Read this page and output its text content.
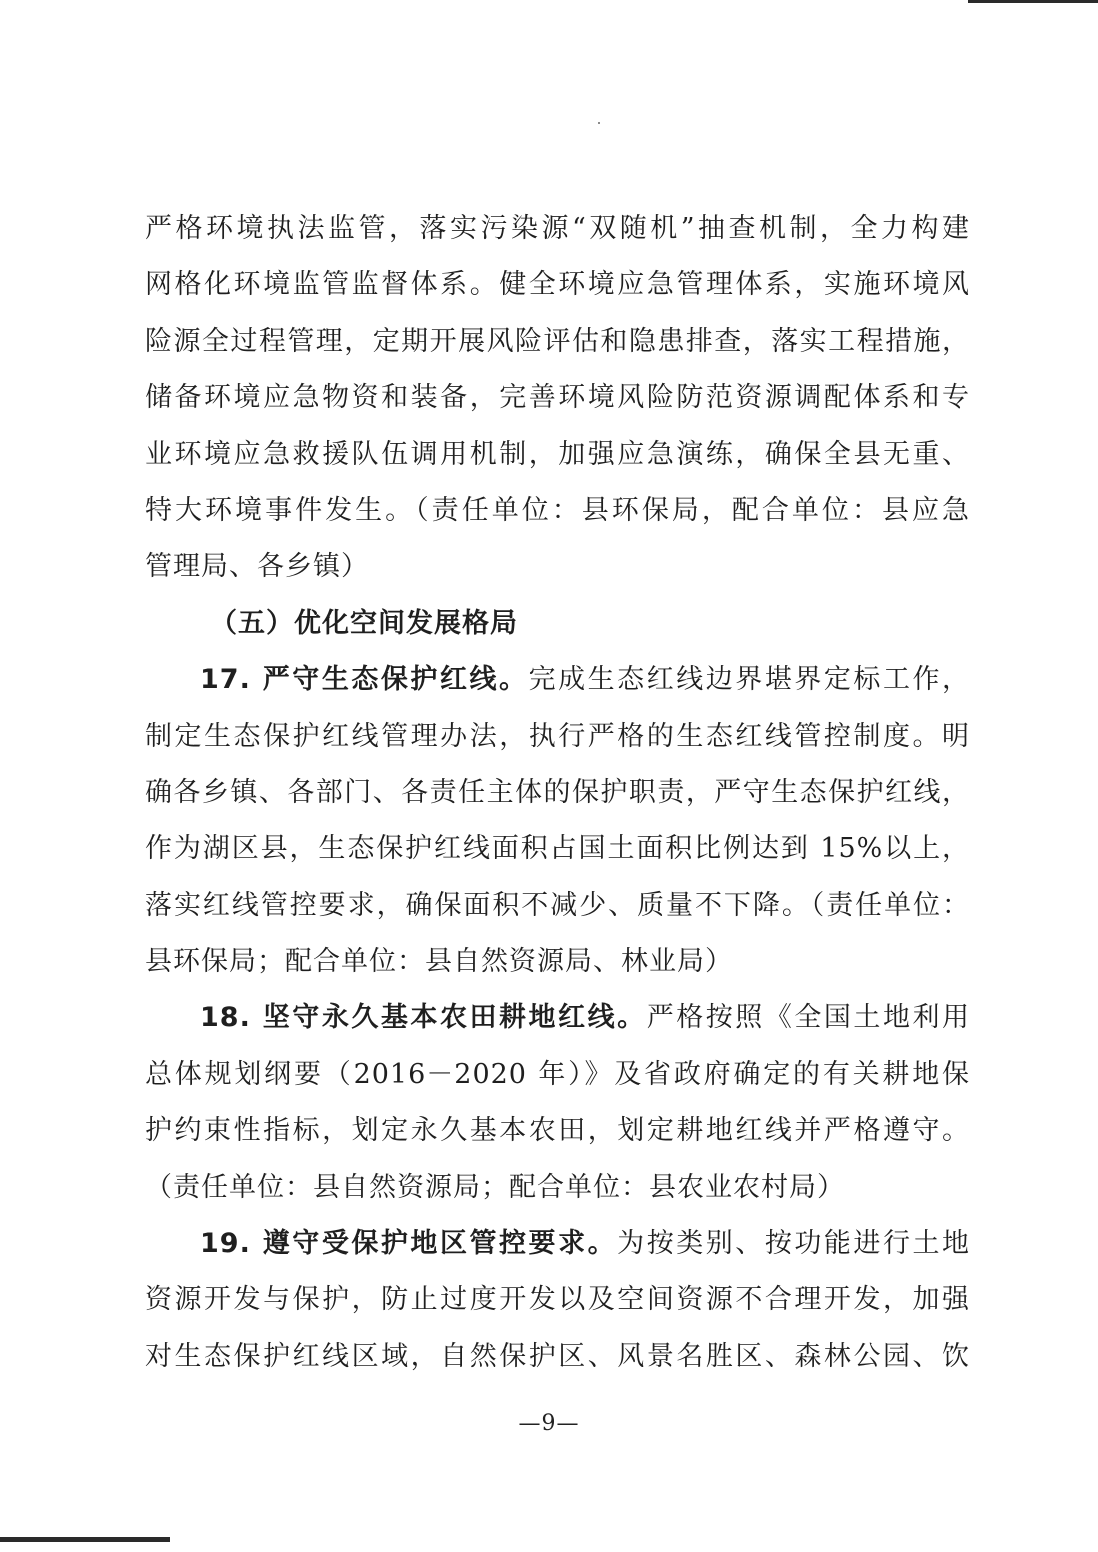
严格环境执法监管，落实污染源“双随机”抽查机制，全力构建

网格化环境监管监督体系。健全环境应急管理体系，实施环境风

险源全过程管理，定期开展风险评估和隐患排查，落实工程措施，

储备环境应急物资和装备，完善环境风险防范资源调配体系和专

业环境应急救援队伍调用机制，加强应急演练，确保全县无重、

特大环境事件发生。（责任单位：县环保局，配合单位：县应急

管理局、各乡镇）

（五）优化空间发展格局

17. 严守生态保护红线。完成生态红线边界堪界定标工作，

制定生态保护红线管理办法，执行严格的生态红线管控制度。明

确各乡镇、各部门、各责任主体的保护职责，严守生态保护红线，

作为湖区县，生态保护红线面积占国土面积比例达到 15%以上，

落实红线管控要求，确保面积不减少、质量不下降。（责任单位：

县环保局；配合单位：县自然资源局、林业局）

18. 坚守永久基本农田耕地红线。严格按照《全国土地利用

总体规划纲要（2016－2020 年）》及省政府确定的有关耕地保

护约束性指标，划定永久基本农田，划定耕地红线并严格遵守。

（责任单位：县自然资源局；配合单位：县农业农村局）

19. 遵守受保护地区管控要求。为按类别、按功能进行土地

资源开发与保护，防止过度开发以及空间资源不合理开发，加强

对生态保护红线区域，自然保护区、风景名胜区、森林公园、饮

—9—
